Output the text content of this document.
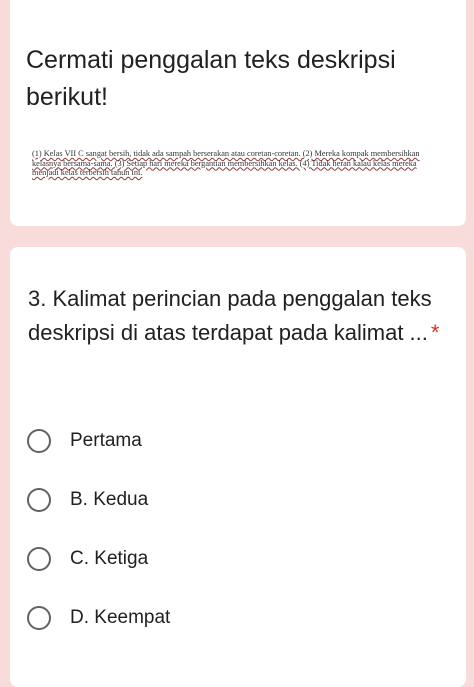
Cermati penggalan teks deskripsi berikut!
(1) Kelas VII C sangat bersih, tidak ada sampah berserakan atau coretan-coretan. (2) Mereka kompak membersihkan kelasnya bersama-sama. (3) Setiap hari mereka bergantian membersihkan kelas. (4) Tidak heran kalau kelas mereka menjadi kelas terbersih tahun ini.
3. Kalimat perincian pada penggalan teks deskripsi di atas terdapat pada kalimat ... *
Pertama
B. Kedua
C. Ketiga
D. Keempat
